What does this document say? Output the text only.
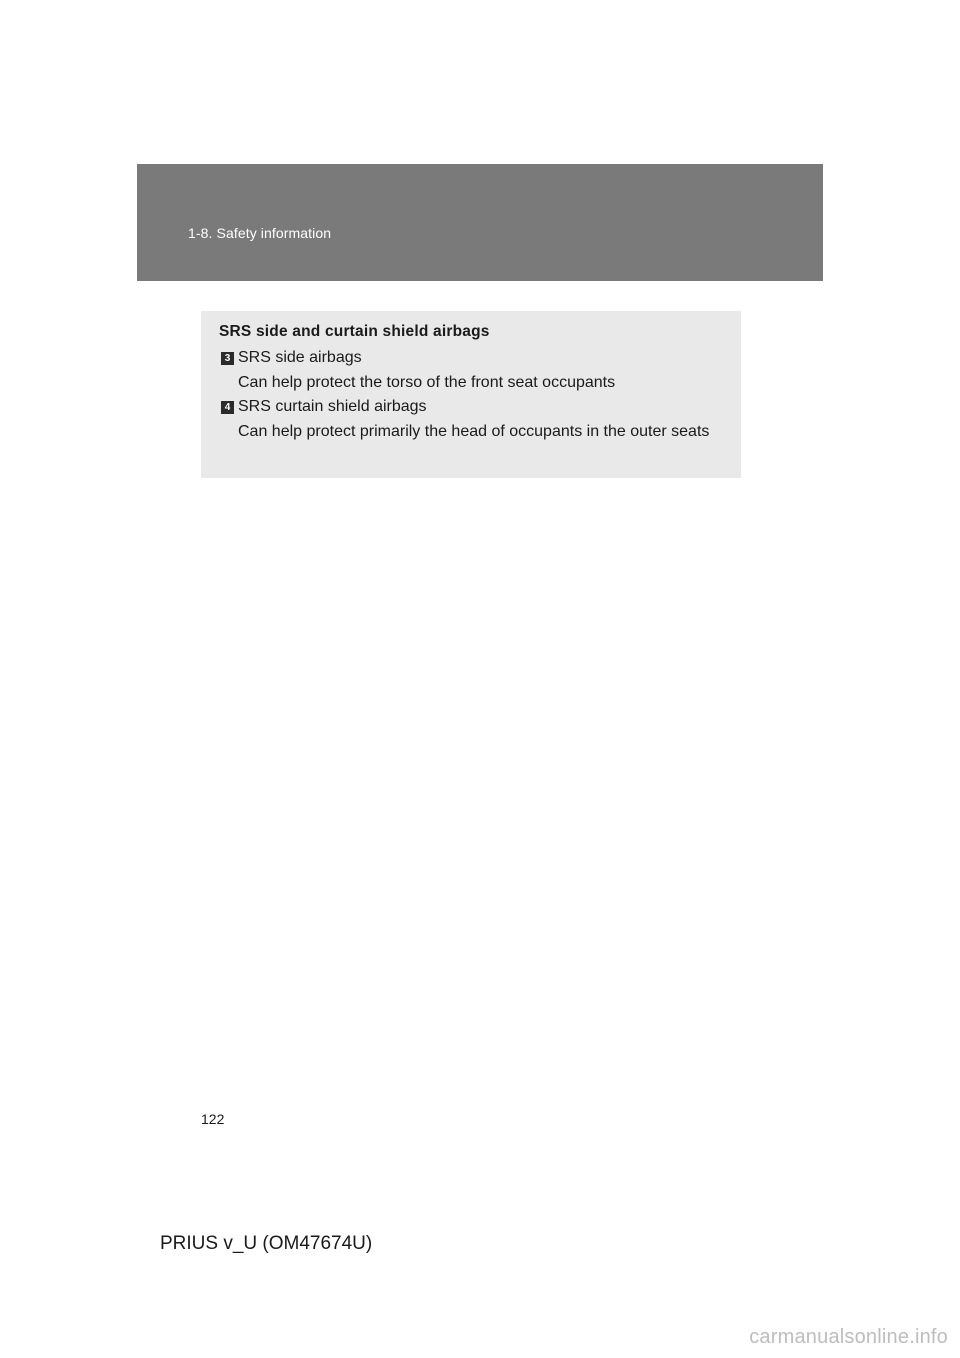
1-8. Safety information
SRS side and curtain shield airbags
3 SRS side airbags
Can help protect the torso of the front seat occupants
4 SRS curtain shield airbags
Can help protect primarily the head of occupants in the outer seats
122
PRIUS v_U (OM47674U)
carmanualsonline.info
